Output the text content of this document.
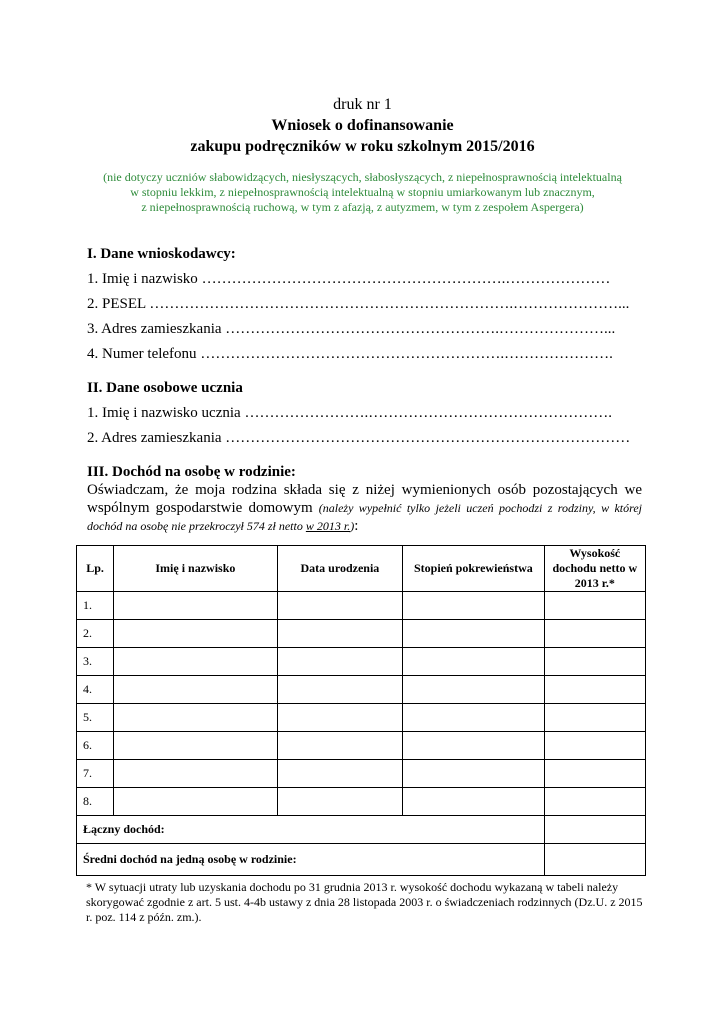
druk nr 1
Wniosek o dofinansowanie
zakupu podręczników w roku szkolnym 2015/2016
(nie dotyczy uczniów słabowidzących, niesłyszących, słabosłyszących, z niepełnosprawnością intelektualną
w stopniu lekkim, z niepełnosprawnością intelektualną w stopniu umiarkowanym lub znacznym,
z niepełnosprawnością ruchową, w tym z afazją, z autyzmem, w tym z zespołem Aspergera)
I. Dane wnioskodawcy:
1. Imię i nazwisko …………………………………………………….…………………
2. PESEL ……………………………………………………………….…………………...
3. Adres zamieszkania ……………………………………………….…………………...
4. Numer telefonu …………………………………………………….………………….
II. Dane osobowe ucznia
1. Imię i nazwisko ucznia …………………….………………………………………….
2. Adres zamieszkania ………………………………………………………………………
III. Dochód na osobę w rodzinie:
Oświadczam, że moja rodzina składa się z niżej wymienionych osób pozostających we wspólnym gospodarstwie domowym (należy wypełnić tylko jeżeli uczeń pochodzi z rodziny, w której dochód na osobę nie przekroczył 574 zł netto w 2013 r.):
Lp.	Imię i nazwisko	Data urodzenia	Stopień pokrewieństwa	Wysokość dochodu netto w 2013 r.*
1.				
2.				
3.				
4.				
5.				
6.				
7.				
8.				
Łączny dochód:				
Średni dochód na jedną osobę w rodzinie:				
* W sytuacji utraty lub uzyskania dochodu po 31 grudnia 2013 r. wysokość dochodu wykazaną w tabeli należy skorygować zgodnie z art. 5 ust. 4-4b ustawy z dnia 28 listopada 2003 r. o świadczeniach rodzinnych (Dz.U. z 2015 r. poz. 114 z późn. zm.).
